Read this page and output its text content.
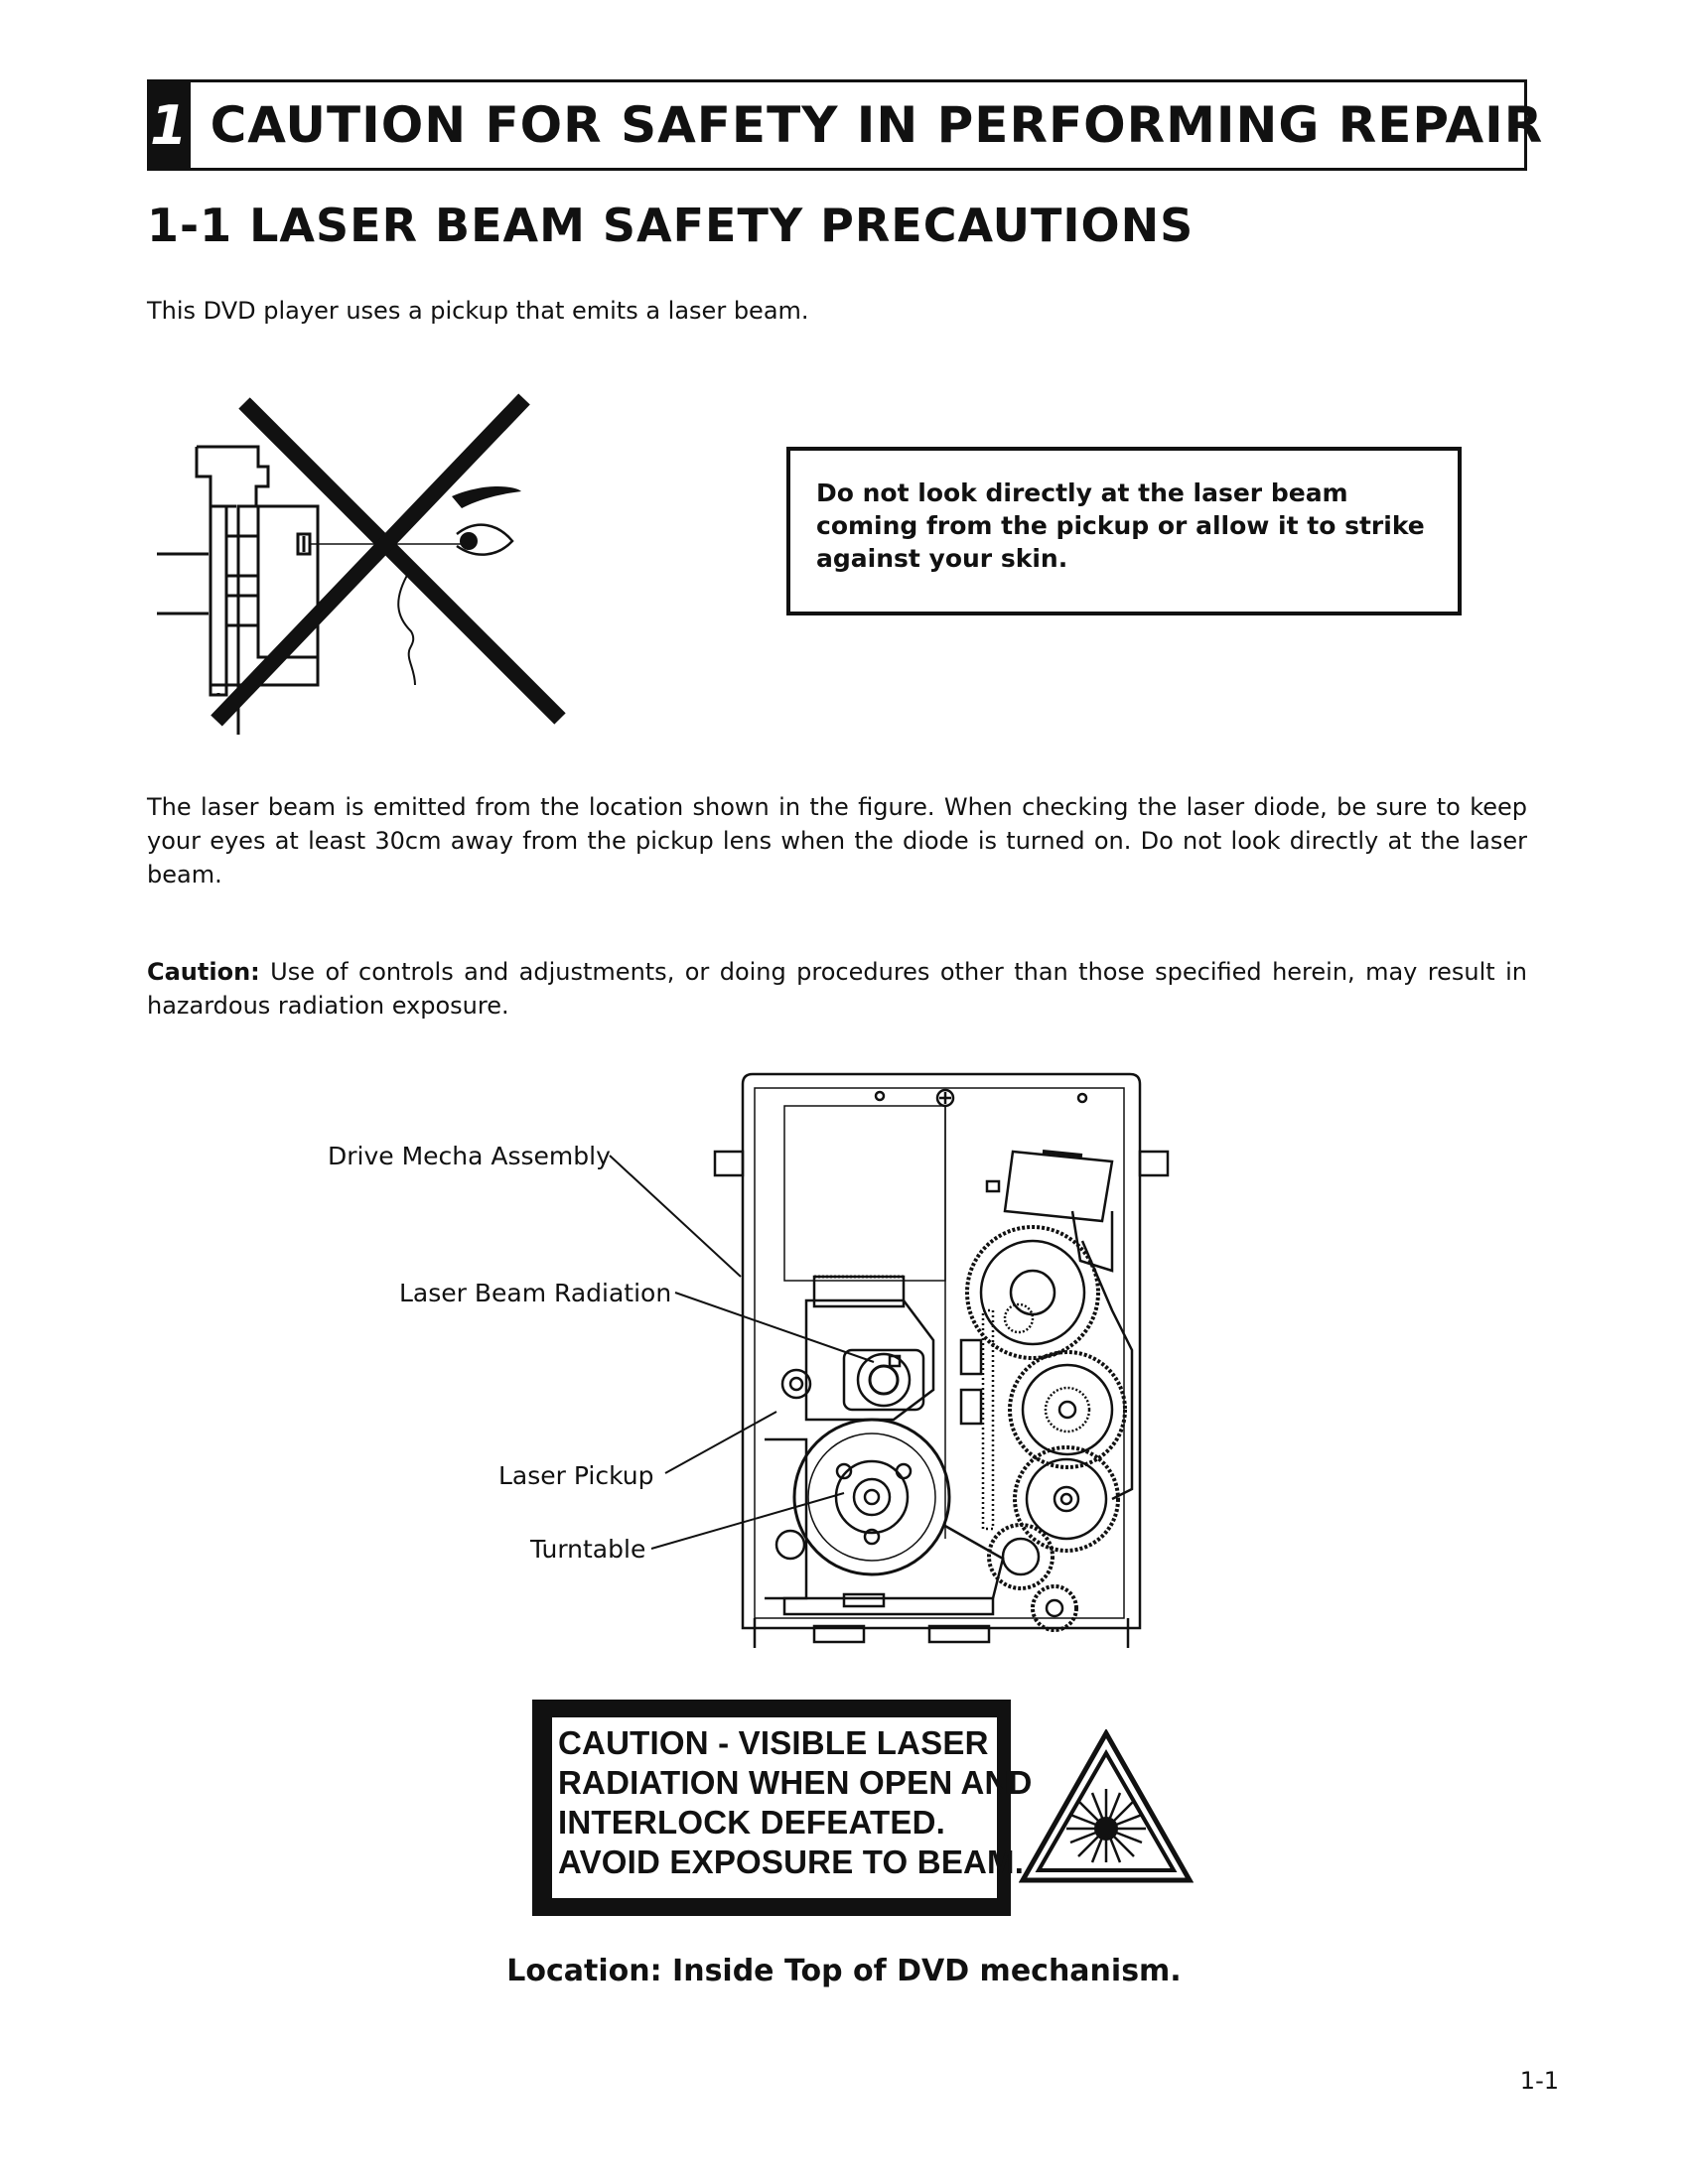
1 CAUTION FOR SAFETY IN PERFORMING REPAIR
1-1 LASER BEAM SAFETY PRECAUTIONS
This DVD player uses a pickup that emits a laser beam.
Do not look directly at the laser beam coming from the pickup or allow it to strike against your skin.
The laser beam is emitted from the location shown in the figure. When checking the laser diode, be sure to keep your eyes at least 30cm away from the pickup lens when the diode is turned on. Do not look directly at the laser beam.
Caution: Use of controls and adjustments, or doing procedures other than those specified herein, may result in hazardous radiation exposure.
Drive Mecha Assembly
Laser Beam Radiation
Laser Pickup
Turntable
CAUTION - VISIBLE LASER
RADIATION WHEN OPEN AND
INTERLOCK DEFEATED.
AVOID EXPOSURE TO BEAM.
Location: Inside Top of DVD mechanism.
1-1
